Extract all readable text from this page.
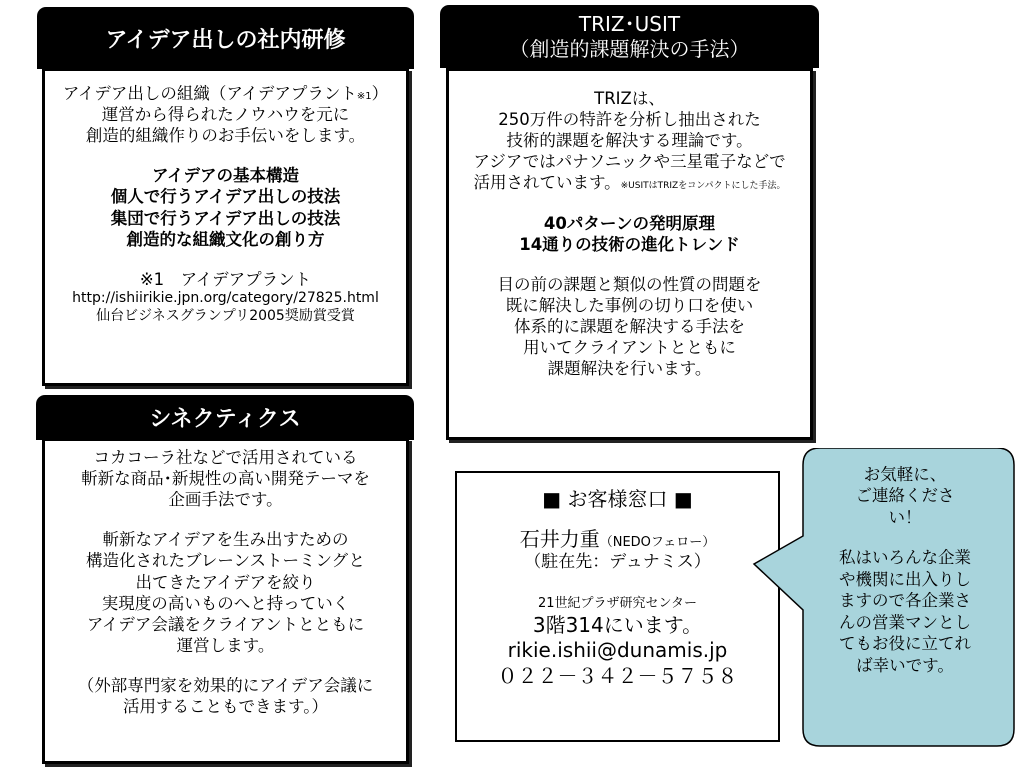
アイデア出しの社内研修
アイデア出しの組織（アイデアプラント※1）
運営から得られたノウハウを元に
創造的組織作りのお手伝いをします。
アイデアの基本構造
個人で行うアイデア出しの技法
集団で行うアイデア出しの技法
創造的な組織文化の創り方
※1　アイデアプラント
http://ishiirikie.jpn.org/category/27825.html
仙台ビジネスグランプリ2005奨励賞受賞
TRIZ･USIT
（創造的課題解決の手法）
TRIZは、
250万件の特許を分析し抽出された
技術的課題を解決する理論です。
アジアではパナソニックや三星電子などで
活用されています。※USITはTRIZをコンパクトにした手法。
40パターンの発明原理
14通りの技術の進化トレンド
目の前の課題と類似の性質の問題を
既に解決した事例の切り口を使い
体系的に課題を解決する手法を
用いてクライアントとともに
課題解決を行います。
シネクティクス
コカコーラ社などで活用されている
斬新な商品･新規性の高い開発テーマを
企画手法です。
斬新なアイデアを生み出すための
構造化されたブレーンストーミングと
出てきたアイデアを絞り
実現度の高いものへと持っていく
アイデア会議をクライアントとともに
運営します。
（外部専門家を効果的にアイデア会議に
活用することもできます。）
■ お客様窓口 ■
石井力重（NEDOフェロー）
（駐在先：デュナミス）
21世紀プラザ研究センター
3階314にいます。
rikie.ishii@dunamis.jp
０２２－３４２－５７５８
お気軽に、
ご連絡くださ
い！
私はいろんな企業
や機関に出入りし
ますので各企業さ
んの営業マンとし
てもお役に立てれ
ば幸いです。
